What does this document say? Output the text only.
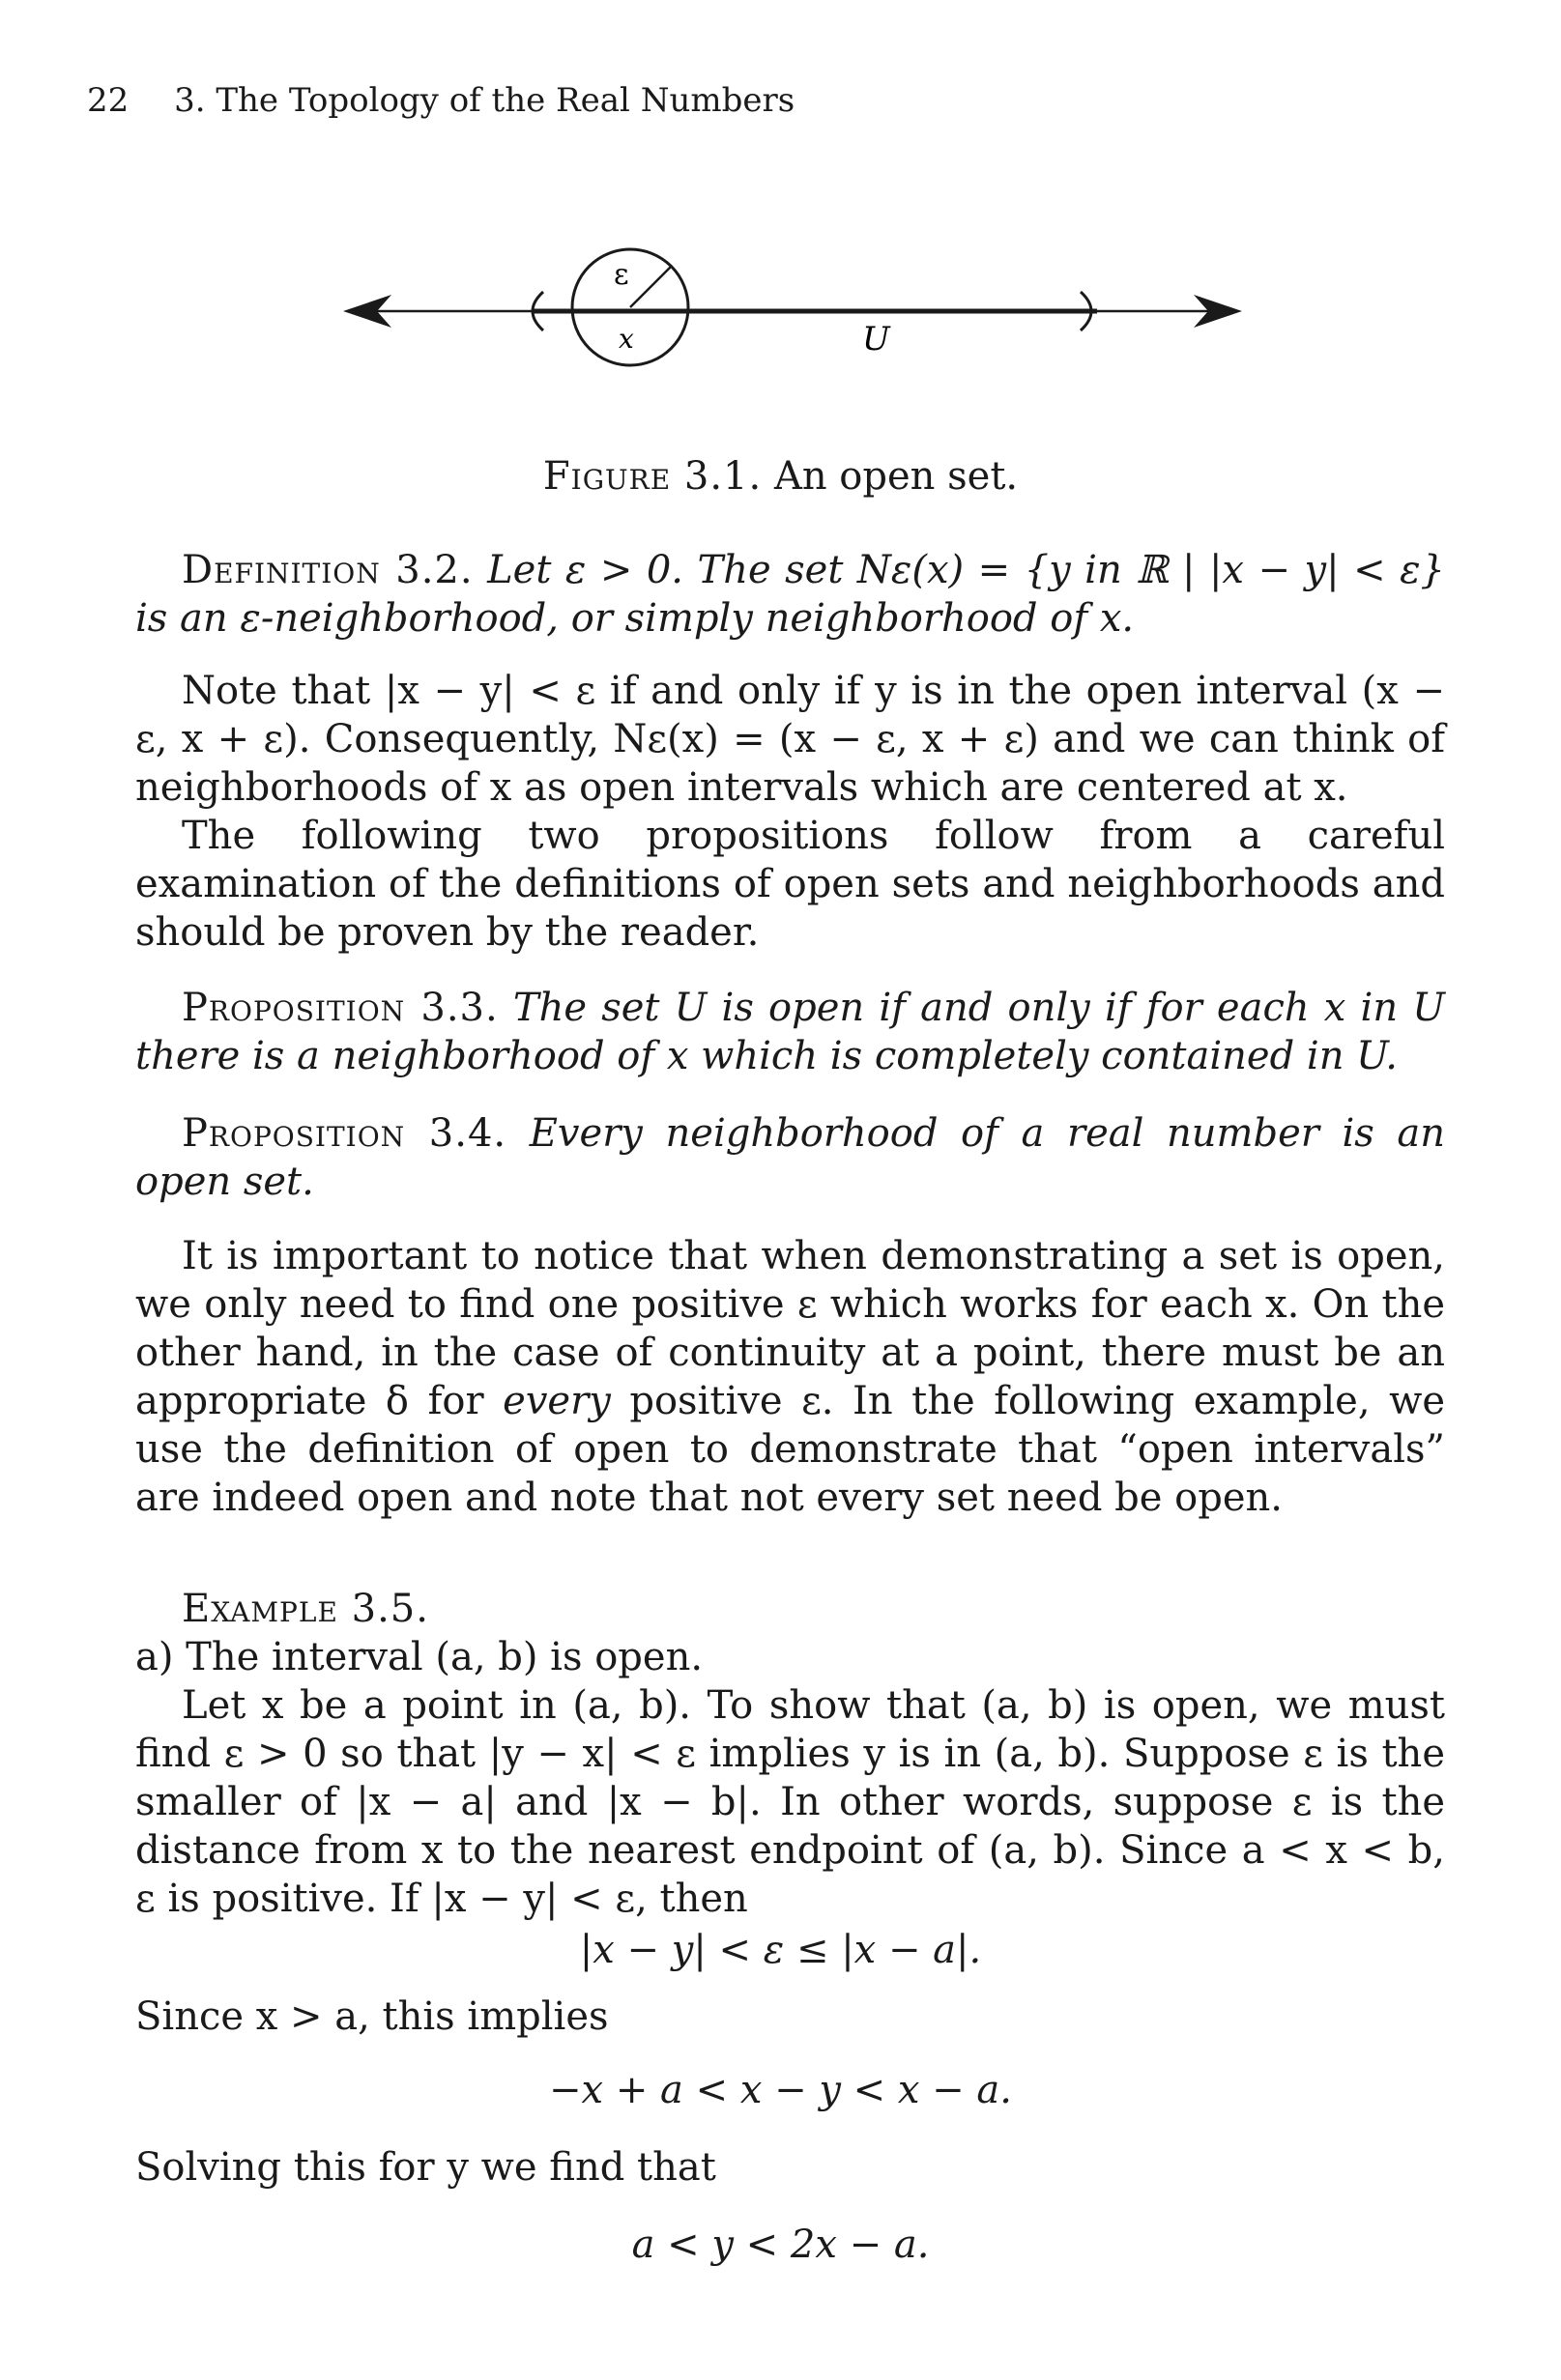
22 3. The Topology of the Real Numbers
ε
x	U
Figure 3.1. An open set.
Definition 3.2. Let ε > 0. The set Nε(x) = {y in ℝ | |x − y| < ε} is an ε-neighborhood, or simply neighborhood of x.
Note that |x − y| < ε if and only if y is in the open interval (x − ε, x + ε). Consequently, Nε(x) = (x − ε, x + ε) and we can think of neighborhoods of x as open intervals which are centered at x.
The following two propositions follow from a careful examination of the definitions of open sets and neighborhoods and should be proven by the reader.
Proposition 3.3. The set U is open if and only if for each x in U there is a neighborhood of x which is completely contained in U.
Proposition 3.4. Every neighborhood of a real number is an open set.
It is important to notice that when demonstrating a set is open, we only need to find one positive ε which works for each x. On the other hand, in the case of continuity at a point, there must be an appropriate δ for every positive ε. In the following example, we use the definition of open to demonstrate that “open intervals” are indeed open and note that not every set need be open.
Example 3.5.
a) The interval (a, b) is open.
Let x be a point in (a, b). To show that (a, b) is open, we must find ε > 0 so that |y − x| < ε implies y is in (a, b). Suppose ε is the smaller of |x − a| and |x − b|. In other words, suppose ε is the distance from x to the nearest endpoint of (a, b). Since a < x < b, ε is positive. If |x − y| < ε, then
|x − y| < ε ≤ |x − a|.
Since x > a, this implies
−x + a < x − y < x − a.
Solving this for y we find that
a < y < 2x − a.
